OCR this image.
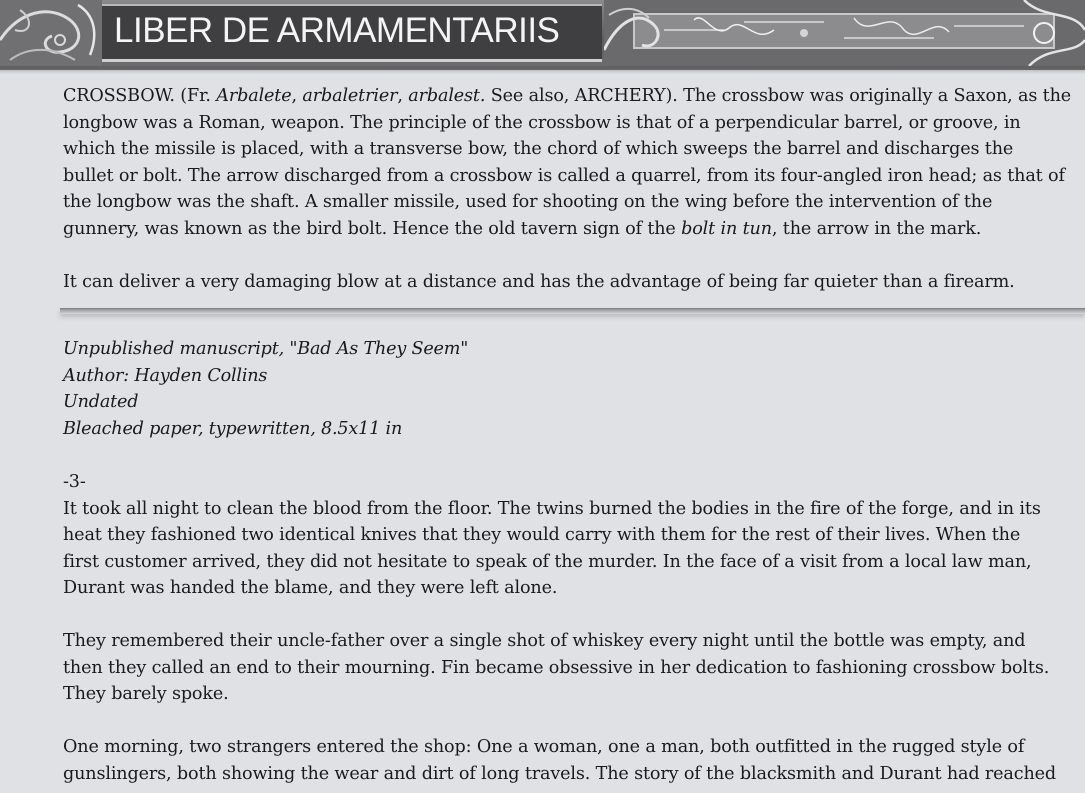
LIBER DE ARMAMENTARIIS

CROSSBOW. (Fr. Arbalete, arbaletrier, arbalest. See also, ARCHERY). The crossbow was originally a Saxon, as the
longbow was a Roman, weapon. The principle of the crossbow is that of a perpendicular barrel, or groove, in
which the missile is placed, with a transverse bow, the chord of which sweeps the barrel and discharges the
bullet or bolt. The arrow discharged from a crossbow is called a quarrel, from its four-angled iron head; as that of
the longbow was the shaft. A smaller missile, used for shooting on the wing before the intervention of the
gunnery, was known as the bird bolt. Hence the old tavern sign of the bolt in tun, the arrow in the mark.

It can deliver a very damaging blow at a distance and has the advantage of being far quieter than a firearm.

Unpublished manuscript, "Bad As They Seem"
Author: Hayden Collins
Undated
Bleached paper, typewritten, 8.5x11 in
-3-

It took all night to clean the blood from the floor. The twins burned the bodies in the fire of the forge, and in its
heat they fashioned two identical knives that they would carry with them for the rest of their lives. When the
first customer arrived, they did not hesitate to speak of the murder. In the face of a visit from a local law man,
Durant was handed the blame, and they were left alone.

They remembered their uncle-father over a single shot of whiskey every night until the bottle was empty, and
then they called an end to their mourning. Fin became obsessive in her dedication to fashioning crossbow bolts.
They barely spoke.

One morning, two strangers entered the shop: One a woman, one a man, both outfitted in the rugged style of
gunslingers, both showing the wear and dirt of long travels. The story of the blacksmith and Durant had reached
